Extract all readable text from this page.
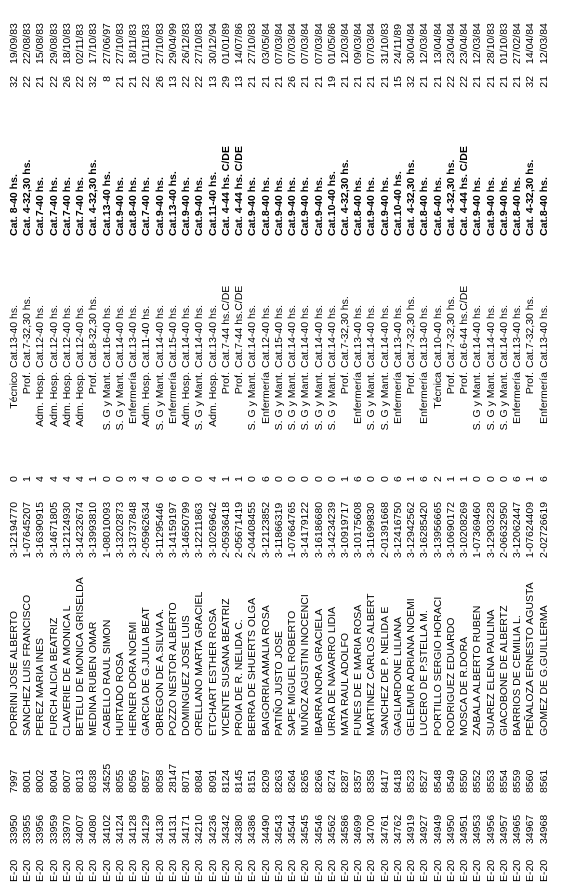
E-20
33950
7997
PORRINI JOSE ALBERTO
3-12194770
0
Técnico
Cat.13-40 hs.
Cat. 8-40 hs.
32
19/09/83
E-20
33955
8001
SANCHEZ LUIS FRANCISCO
1-07645207
1
Prof.
Cat.7-32,30 hs.
Cat. 4-32,30 hs.
22
22/08/83
E-20
33956
8002
PEREZ MARIA INES
3-16390915
4
Adm. Hosp.
Cat.12-40 hs.
Cat.7-40 hs.
21
15/08/83
E-20
33959
8004
FURCH ALICIA BEATRIZ
3-14671805
4
Adm. Hosp.
Cat.12-40 hs.
Cat.7-40 hs.
22
29/08/83
E-20
33970
8007
CLAVERIE DE A MONICA L
3-12124930
4
Adm. Hosp.
Cat.12-40 hs.
Cat.7-40 hs.
26
18/10/83
E-20
34007
8013
BETELU DE MONICA GRISELDA
3-14232674
4
Adm. Hosp.
Cat.12-40 hs.
Cat.7-40 hs.
22
02/11/83
E-20
34080
8038
MEDINA RUBEN OMAR
3-13993810
1
Prof.
Cat.8-32,30 hs.
Cat. 4-32,30 hs.
32
17/10/83
E-20
34102
34525
CABELLO RAUL SIMON
1-08010093
0
S. G y Mant.
Cat.16-40 hs.
Cat.13-40 hs.
8
27/06/97
E-20
34124
8055
HURTADO ROSA
3-13202873
0
S. G y Mant.
Cat.14-40 hs.
Cat.9-40 hs.
21
27/10/83
E-20
34128
8056
HERNER DORA NOEMI
3-13737848
3
Enfermería
Cat.13-40 hs.
Cat.8-40 hs.
21
18/11/83
E-20
34129
8057
GARCIA DE G.JULIA BEAT
2-05962634
4
Adm. Hosp.
Cat.11-40 hs.
Cat.7-40 hs.
22
01/11/83
E-20
34130
8058
OBREGON DE A.SILVIA A.
3-11295446
0
S. G y Mant.
Cat.14-40 hs.
Cat.9-40 hs.
26
27/10/83
E-20
34131
28147
POZZO NESTOR ALBERTO
3-14159197
6
Enfermería
Cat.15-40 hs.
Cat.13-40 hs.
13
29/04/99
E-20
34171
8071
DOMINGUEZ JOSE LUIS
3-14650799
0
Adm. Hosp.
Cat.14-40 hs.
Cat.9-40 hs.
22
26/12/83
E-20
34210
8084
ORELLANO MARTA GRACIEL
3-12211863
0
S. G y Mant.
Cat.14-40 hs.
Cat.9-40 hs.
22
27/10/83
E-20
34236
8091
ETCHART ESTHER ROSA
3-10269642
4
Adm. Hosp.
Cat.13-40 hs.
Cat.11-40 hs.
13
30/12/94
E-20
34342
8124
VICENTE SUSANA BEATRIZ
2-05936418
1
Prof.
Cat.7-44 hs.C/DE
Cat. 4-44 hs. C/DE
29
01/01/89
E-20
34380
8145
PROIA DE R. NELIDA C.
2-05671419
1
Prof.
Cat.7-44 hs.C/DE
Cat. 4-44 hs. C/DE
13
14/07/86
E-20
34386
8151
BERRA DE SHUERTS OLGA
2-04408455
0
S. G y Mant.
Cat.14-40 hs.
Cat.9-40 hs.
21
27/10/83
E-20
34490
8209
BAIGORRIA AMALIA ROSA
3-12123852
6
Enfermería
Cat.12-40 hs.
Cat.8-40 hs.
21
03/05/84
E-20
34543
8263
PATIÑO JUSTO JOSE
3-11866319
0
S. G y Mant.
Cat.15-40 hs.
Cat.9-40 hs.
21
07/03/84
E-20
34544
8264
SAPE MIGUEL ROBERTO
1-07664765
0
S. G y Mant.
Cat.14-40 hs.
Cat.9-40 hs.
26
07/03/84
E-20
34545
8265
MUÑOZ AGUSTIN INOCENCI
3-14179122
0
S. G y Mant.
Cat.14-40 hs.
Cat.9-40 hs.
21
07/03/84
E-20
34546
8266
IBARRA NORA GRACIELA
3-16186680
0
S. G y Mant.
Cat.14-40 hs.
Cat.9-40 hs.
21
07/03/84
E-20
34562
8274
URRA DE NAVARRO LIDIA
3-14234239
0
S. G y Mant.
Cat.14-40 hs.
Cat.10-40 hs.
19
01/05/86
E-20
34586
8287
MATA RAUL ADOLFO
3-10919717
1
Prof.
Cat.7-32,30 hs.
Cat. 4-32,30 hs.
21
12/03/84
E-20
34699
8357
FUNES DE E MARIA ROSA
3-10175608
6
Enfermería
Cat.13-40 hs.
Cat.8-40 hs.
21
09/03/84
E-20
34700
8358
MARTINEZ CARLOS ALBERT
3-11699830
0
S. G y Mant.
Cat.14-40 hs.
Cat.9-40 hs.
21
07/03/84
E-20
34761
8417
SANCHEZ DE P. NELIDA E
2-01391668
0
S. G y Mant.
Cat.14-40 hs.
Cat.9-40 hs.
21
31/10/83
E-20
34762
8418
GAGLIARDONE LILIANA
3-12416750
6
Enfermería
Cat.13-40 hs.
Cat.10-40 hs.
15
24/11/89
E-20
34919
8523
GELEMUR ADRIANA NOEMI
3-12942562
1
Prof.
Cat.7-32,30 hs.
Cat. 4-32,30 hs.
32
30/04/84
E-20
34927
8527
LUCERO DE P.STELLA M.
3-16285420
6
Enfermería
Cat.13-40 hs.
Cat.8-40 hs.
21
12/03/84
E-20
34949
8548
PORTILLO SERGIO HORACI
3-13956665
2
Técnica
Cat.10-40 hs.
Cat.6-40 hs.
21
13/04/84
E-20
34950
8549
RODRIGUEZ EDUARDO
3-10690172
1
Prof.
Cat.7-32,30 hs.
Cat. 4-32,30 hs.
22
23/04/84
E-20
34951
8550
MOSCA DE R.DORA
3-10208269
1
Prof.
Cat.6-44 hs.C/DE
Cat. 4-44 hs. C/DE
22
23/04/84
E-20
34953
8552
ZABALA ALBERTO RUBEN
1-07369460
0
S. G y Mant.
Cat.14-40 hs.
Cat.9-40 hs.
21
12/03/84
E-20
34956
8553
SUAREZ ELENA PAULINA
3-12903228
0
S. G y Mant.
Cat.14-40 hs.
Cat.9-40 hs.
21
28/10/83
E-20
34957
8554
GIACOBONE DE ALBERTZ
2-06632950
0
S. G y Mant.
Cat.14-40 hs.
Cat.9-40 hs.
21
01/10/83
E-20
34965
8559
BARRIOS DE CEMILIA L.
3-12062447
6
Enfermería
Cat.13-40 hs.
Cat.8-40 hs.
21
27/02/84
E-20
34967
8560
PEÑALOZA ERNESTO AGUSTA
1-07624409
1
Prof.
Cat.7-32,30 hs.
Cat. 4-32,30 hs.
32
14/04/84
E-20
34968
8561
GOMEZ DE G.GUILLERMA
2-02726619
6
Enfermería
Cat.13-40 hs.
Cat.8-40 hs.
21
12/03/84
